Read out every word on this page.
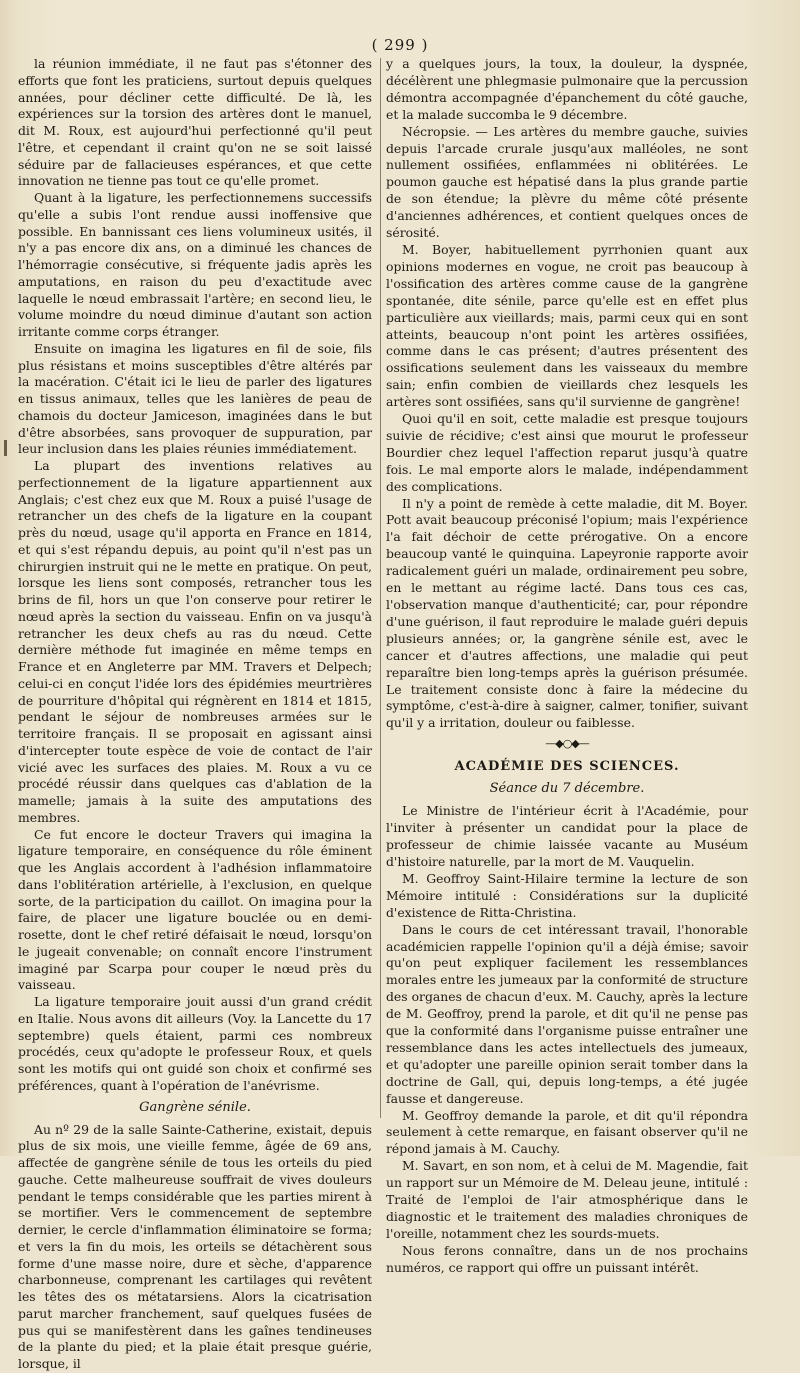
( 299 )

la réunion immédiate, il ne faut pas s'étonner des efforts que font les praticiens, surtout depuis quelques années, pour décliner cette difficulté. De là, les expériences sur la torsion des artères dont le manuel, dit M. Roux, est aujourd'hui perfectionné qu'il peut l'être, et cependant il craint qu'on ne se soit laissé séduire par de fallacieuses espérances, et que cette innovation ne tienne pas tout ce qu'elle promet.

Quant à la ligature, les perfectionnemens successifs qu'elle a subis l'ont rendue aussi inoffensive que possible. En bannissant ces liens volumineux usités, il n'y a pas encore dix ans, on a diminué les chances de l'hémorragie consécutive, si fréquente jadis après les amputations, en raison du peu d'exactitude avec laquelle le nœud embrassait l'artère; en second lieu, le volume moindre du nœud diminue d'autant son action irritante comme corps étranger.

Ensuite on imagina les ligatures en fil de soie, fils plus résistans et moins susceptibles d'être altérés par la macération. C'était ici le lieu de parler des ligatures en tissus animaux, telles que les lanières de peau de chamois du docteur Jamiceson, imaginées dans le but d'être absorbées, sans provoquer de suppuration, par leur inclusion dans les plaies réunies immédiatement.

La plupart des inventions relatives au perfectionnement de la ligature appartiennent aux Anglais; c'est chez eux que M. Roux a puisé l'usage de retrancher un des chefs de la ligature en la coupant près du nœud, usage qu'il apporta en France en 1814, et qui s'est répandu depuis, au point qu'il n'est pas un chirurgien instruit qui ne le mette en pratique. On peut, lorsque les liens sont composés, retrancher tous les brins de fil, hors un que l'on conserve pour retirer le nœud après la section du vaisseau. Enfin on va jusqu'à retrancher les deux chefs au ras du nœud. Cette dernière méthode fut imaginée en même temps en France et en Angleterre par MM. Travers et Delpech; celui-ci en conçut l'idée lors des épidémies meurtrières de pourriture d'hôpital qui régnèrent en 1814 et 1815, pendant le séjour de nombreuses armées sur le territoire français. Il se proposait en agissant ainsi d'intercepter toute espèce de voie de contact de l'air vicié avec les surfaces des plaies. M. Roux a vu ce procédé réussir dans quelques cas d'ablation de la mamelle; jamais à la suite des amputations des membres.

Ce fut encore le docteur Travers qui imagina la ligature temporaire, en conséquence du rôle éminent que les Anglais accordent à l'adhésion inflammatoire dans l'oblitération artérielle, à l'exclusion, en quelque sorte, de la participation du caillot. On imagina pour la faire, de placer une ligature bouclée ou en demi-rosette, dont le chef retiré défaisait le nœud, lorsqu'on le jugeait convenable; on connaît encore l'instrument imaginé par Scarpa pour couper le nœud près du vaisseau.

La ligature temporaire jouit aussi d'un grand crédit en Italie. Nous avons dit ailleurs (Voy. la Lancette du 17 septembre) quels étaient, parmi ces nombreux procédés, ceux qu'adopte le professeur Roux, et quels sont les motifs qui ont guidé son choix et confirmé ses préférences, quant à l'opération de l'anévrisme.

Gangrène sénile.

Au nº 29 de la salle Sainte-Catherine, existait, depuis plus de six mois, une vieille femme, âgée de 69 ans, affectée de gangrène sénile de tous les orteils du pied gauche. Cette malheureuse souffrait de vives douleurs pendant le temps considérable que les parties mirent à se mortifier. Vers le commencement de septembre dernier, le cercle d'inflammation éliminatoire se forma; et vers la fin du mois, les orteils se détachèrent sous forme d'une masse noire, dure et sèche, d'apparence charbonneuse, comprenant les cartilages qui revêtent les têtes des os métatarsiens. Alors la cicatrisation parut marcher franchement, sauf quelques fusées de pus qui se manifestèrent dans les gaînes tendineuses de la plante du pied; et la plaie était presque guérie, lorsque, il

y a quelques jours, la toux, la douleur, la dyspnée, décélèrent une phlegmasie pulmonaire que la percussion démontra accompagnée d'épanchement du côté gauche, et la malade succomba le 9 décembre.

Nécropsie. — Les artères du membre gauche, suivies depuis l'arcade crurale jusqu'aux malléoles, ne sont nullement ossifiées, enflammées ni oblitérées. Le poumon gauche est hépatisé dans la plus grande partie de son étendue; la plèvre du même côté présente d'anciennes adhérences, et contient quelques onces de sérosité.

M. Boyer, habituellement pyrrhonien quant aux opinions modernes en vogue, ne croit pas beaucoup à l'ossification des artères comme cause de la gangrène spontanée, dite sénile, parce qu'elle est en effet plus particulière aux vieillards; mais, parmi ceux qui en sont atteints, beaucoup n'ont point les artères ossifiées, comme dans le cas présent; d'autres présentent des ossifications seulement dans les vaisseaux du membre sain; enfin combien de vieillards chez lesquels les artères sont ossifiées, sans qu'il survienne de gangrène!

Quoi qu'il en soit, cette maladie est presque toujours suivie de récidive; c'est ainsi que mourut le professeur Bourdier chez lequel l'affection reparut jusqu'à quatre fois. Le mal emporte alors le malade, indépendamment des complications.

Il n'y a point de remède à cette maladie, dit M. Boyer. Pott avait beaucoup préconisé l'opium; mais l'expérience l'a fait déchoir de cette prérogative. On a encore beaucoup vanté le quinquina. Lapeyronie rapporte avoir radicalement guéri un malade, ordinairement peu sobre, en le mettant au régime lacté. Dans tous ces cas, l'observation manque d'authenticité; car, pour répondre d'une guérison, il faut reproduire le malade guéri depuis plusieurs années; or, la gangrène sénile est, avec le cancer et d'autres affections, une maladie qui peut reparaître bien long-temps après la guérison présumée. Le traitement consiste donc à faire la médecine du symptôme, c'est-à-dire à saigner, calmer, tonifier, suivant qu'il y a irritation, douleur ou faiblesse.

—◆○◆—
ACADÉMIE DES SCIENCES.
Séance du 7 décembre.

Le Ministre de l'intérieur écrit à l'Académie, pour l'inviter à présenter un candidat pour la place de professeur de chimie laissée vacante au Muséum d'histoire naturelle, par la mort de M. Vauquelin.

M. Geoffroy Saint-Hilaire termine la lecture de son Mémoire intitulé : Considérations sur la duplicité d'existence de Ritta-Christina.

Dans le cours de cet intéressant travail, l'honorable académicien rappelle l'opinion qu'il a déjà émise; savoir qu'on peut expliquer facilement les ressemblances morales entre les jumeaux par la conformité de structure des organes de chacun d'eux. M. Cauchy, après la lecture de M. Geoffroy, prend la parole, et dit qu'il ne pense pas que la conformité dans l'organisme puisse entraîner une ressemblance dans les actes intellectuels des jumeaux, et qu'adopter une pareille opinion serait tomber dans la doctrine de Gall, qui, depuis long-temps, a été jugée fausse et dangereuse.

M. Geoffroy demande la parole, et dit qu'il répondra seulement à cette remarque, en faisant observer qu'il ne répond jamais à M. Cauchy.

M. Savart, en son nom, et à celui de M. Magendie, fait un rapport sur un Mémoire de M. Deleau jeune, intitulé : Traité de l'emploi de l'air atmosphérique dans le diagnostic et le traitement des maladies chroniques de l'oreille, notamment chez les sourds-muets.

Nous ferons connaître, dans un de nos prochains numéros, ce rapport qui offre un puissant intérêt.
